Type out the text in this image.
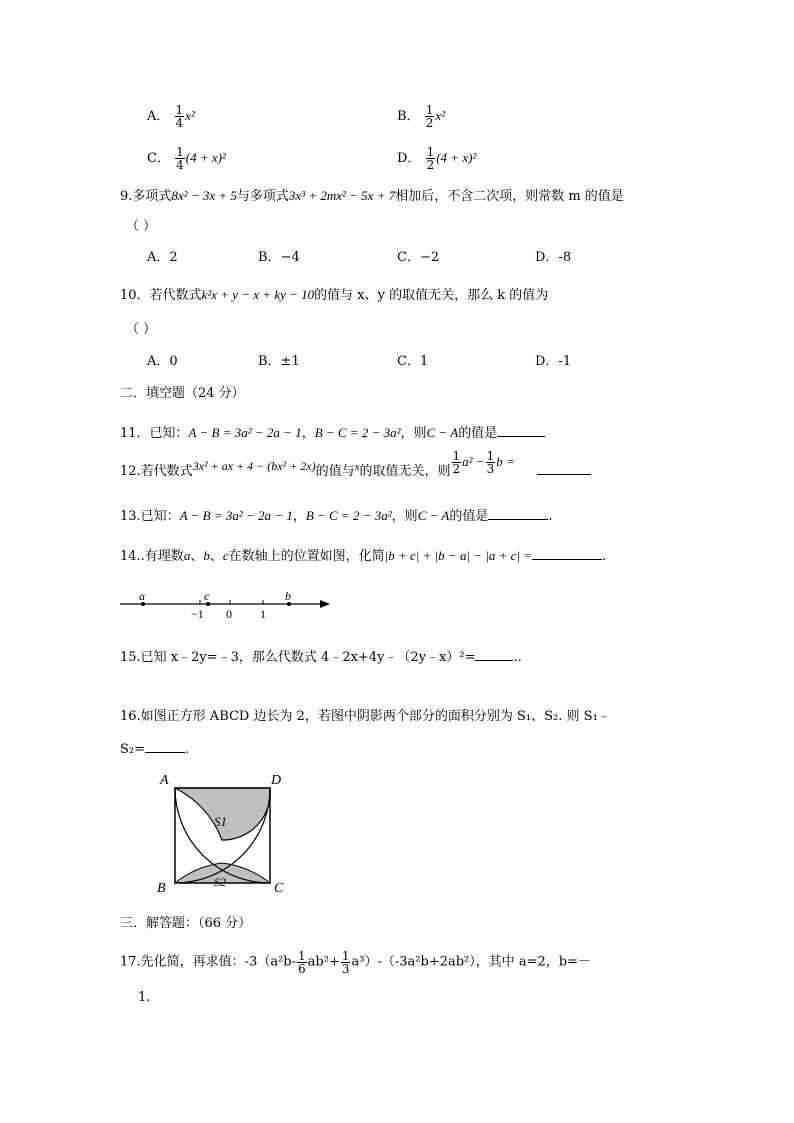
A． $\frac{1}{4} x^2$	B． $\frac{1}{2} x^2$
C． $\frac{1}{4} (4 + x)^2$	D． $\frac{1}{2} (4 + x)^2$
9.多项式8x² − 3x + 5与多项式3x³ + 2mx² − 5x + 7相加后，不含二次项，则常数 m 的值是
（ ）
A．2	B．−4	C．−2	D．-8
10．若代数式k²x + y − x + ky − 10的值与 x、y 的取值无关，那么 k 的值为
（ ）
A．0	B．±1	C．1	D．-1
二．填空题（24 分）
11．已知：A − B = 3a² − 2a − 1，B − C = 2 − 3a²，则C − A的值是
12.若代数式3x² + ax + 4 − (bx² + 2x)的值与x的取值无关，则 $\frac{1}{2} a^2 - \frac{1}{3}$ b =
13.已知：A − B = 3a² − 2a − 1，B − C = 2 − 3a²，则C − A的值是	.
14..有理数a、b、c在数轴上的位置如图，化简|b + c| + |b − a| − |a + c| =	.
a	c
−1 0 1
b
15.已知 x﹣2y=﹣3，那么代数式 4﹣2x+4y﹣（2y﹣x）²=	..
16.如图正方形 ABCD 边长为 2，若图中阴影两个部分的面积分别为 S₁、S₂. 则 S₁﹣
S₂=	.
A	D
B	C
S1
S2
三．解答题：（66 分）
17.先化简，再求值：$-3(a^2b- \frac{1}{6} ab^2+ \frac{1}{3} a^3)-(-3a^2b+2ab^2)$，其中 a=2，b=－
1.
